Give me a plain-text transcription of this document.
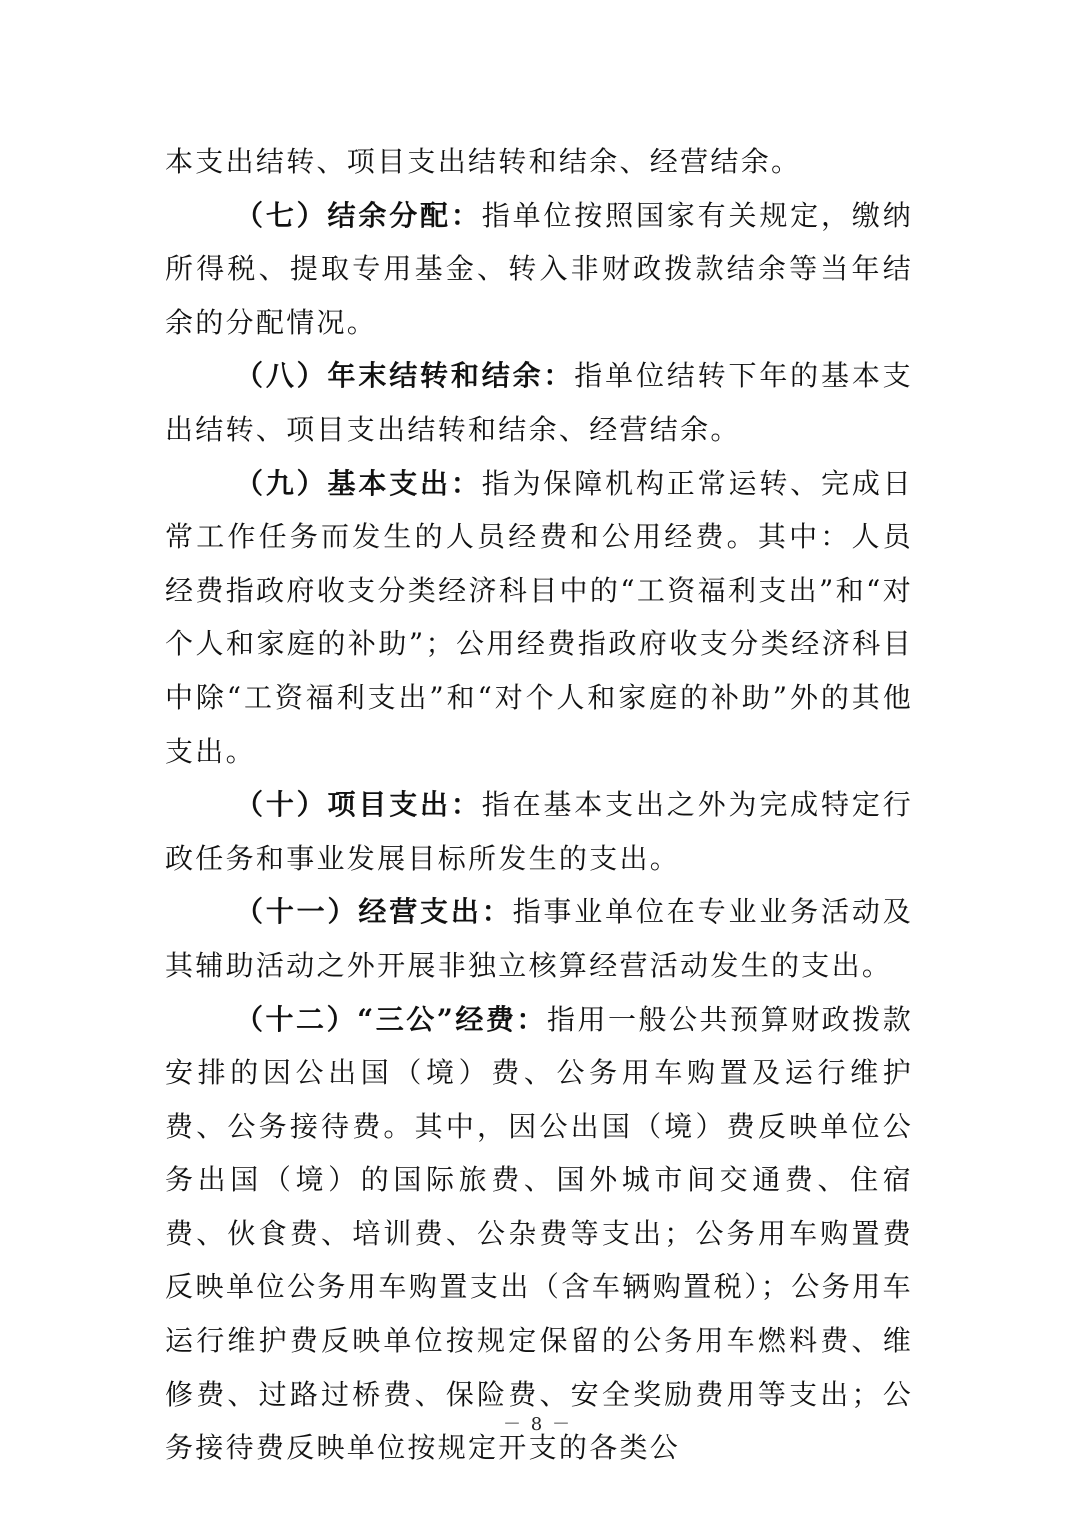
本支出结转、项目支出结转和结余、经营结余。

（七）结余分配：指单位按照国家有关规定，缴纳所得税、提取专用基金、转入非财政拨款结余等当年结余的分配情况。

（八）年末结转和结余：指单位结转下年的基本支出结转、项目支出结转和结余、经营结余。

（九）基本支出：指为保障机构正常运转、完成日常工作任务而发生的人员经费和公用经费。其中：人员经费指政府收支分类经济科目中的“工资福利支出”和“对个人和家庭的补助”；公用经费指政府收支分类经济科目中除“工资福利支出”和“对个人和家庭的补助”外的其他支出。

（十）项目支出：指在基本支出之外为完成特定行政任务和事业发展目标所发生的支出。

（十一）经营支出：指事业单位在专业业务活动及其辅助活动之外开展非独立核算经营活动发生的支出。

（十二）“三公”经费：指用一般公共预算财政拨款安排的因公出国（境）费、公务用车购置及运行维护费、公务接待费。其中，因公出国（境）费反映单位公务出国（境）的国际旅费、国外城市间交通费、住宿费、伙食费、培训费、公杂费等支出；公务用车购置费反映单位公务用车购置支出（含车辆购置税）；公务用车运行维护费反映单位按规定保留的公务用车燃料费、维修费、过路过桥费、保险费、安全奖励费用等支出；公务接待费反映单位按规定开支的各类公

－ 8 －
